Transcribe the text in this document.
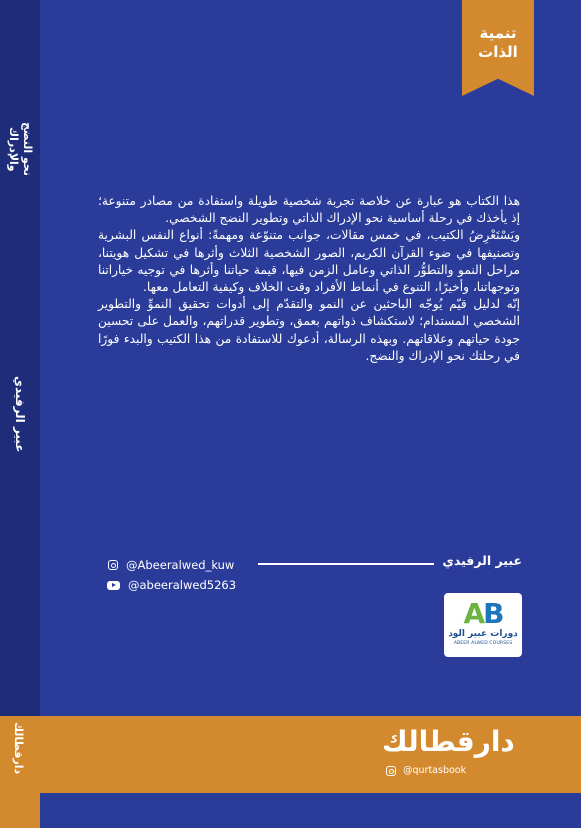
نحو النضج
والإدراك
عبير الرفيدي
دارقطالك
تنمية
الذات

هذا الكتاب هو عبارة عن خلاصة تجربة شخصية طويلة واستفادة من مصادر متنوعة؛ إذ يأخذك في رحلة أساسية نحو الإدراك الذاتي وتطوير النضج الشخصي.

ويَسْتَعْرِضُ الكتيب، في خمس مقالات، جوانب متنوّعة ومهمةً: أنواع النفس البشرية وتصنيفها في ضوء القرآن الكريم، الصور الشخصية الثلاث وأثرها في تشكيل هويتنا، مراحل النمو والتطوُّر الذاتي وعامل الزمن فيها، قيمة حياتنا وأثرها في توجيه خياراتنا وتوجهاتنا، وأخيرًا، التنوع في أنماط الأفراد وقت الخلاف وكيفية التعامل معها.

إنّه لدليل قيّم يُوجّه الباحثين عن النمو والتقدّم إلى أدوات تحقيق النموِّ والتطوير الشخصي المستدام؛ لاستكشاف ذواتهم بعمق، وتطوير قدراتهم، والعمل على تحسين جودة حياتهم وعلاقاتهم. وبهذه الرسالة، أدعوك للاستفادة من هذا الكتيب والبدء فورًا في رحلتك نحو الإدراك والنضج.

عبير الرفيدي
@Abeeralwed_kuw
@abeeralwed5263
AB
دورات عبير الود
ABEER ALWED COURSES
دارقطالك
@qurtasbook
